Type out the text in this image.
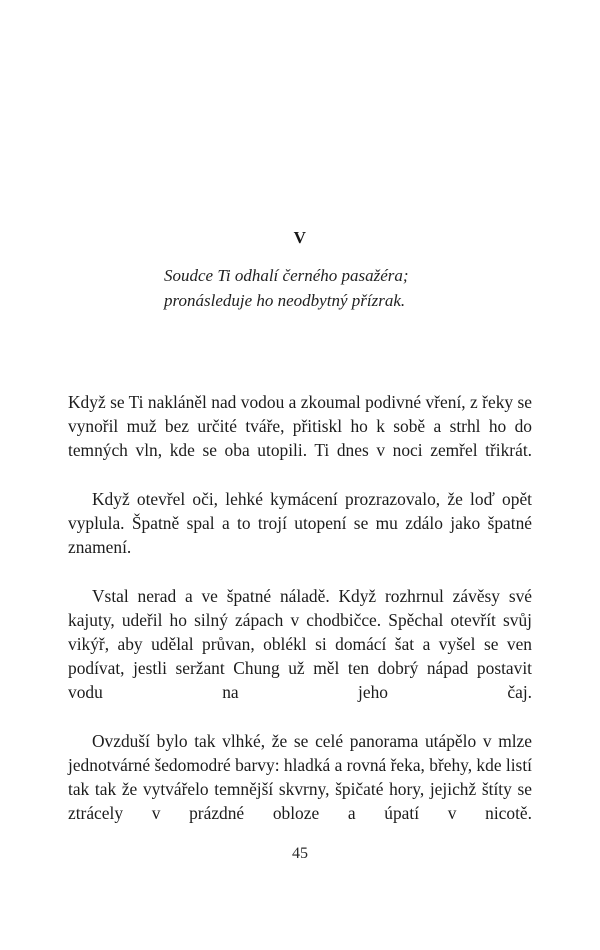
V
Soudce Ti odhalí černého pasažéra;
pronásleduje ho neodbytný přízrak.

Když se Ti nakláněl nad vodou a zkoumal podivné vření, z řeky se vynořil muž bez určité tváře, přitiskl ho k sobě a strhl ho do temných vln, kde se oba utopili. Ti dnes v noci zemřel třikrát.

Když otevřel oči, lehké kymácení prozrazovalo, že loď opět vyplula. Špatně spal a to trojí utopení se mu zdálo jako špatné znamení.

Vstal nerad a ve špatné náladě. Když rozhrnul závěsy své kajuty, udeřil ho silný zápach v chodbičce. Spěchal otevřít svůj vikýř, aby udělal průvan, oblékl si domácí šat a vyšel se ven podívat, jestli seržant Chung už měl ten dobrý nápad postavit vodu na jeho čaj.

Ovzduší bylo tak vlhké, že se celé panorama utápělo v mlze jednotvárné šedomodré barvy: hladká a rovná řeka, břehy, kde listí tak tak že vytvářelo temnější skvrny, špičaté hory, jejichž štíty se ztrácely v prázdné obloze a úpatí v nicotě.

45
